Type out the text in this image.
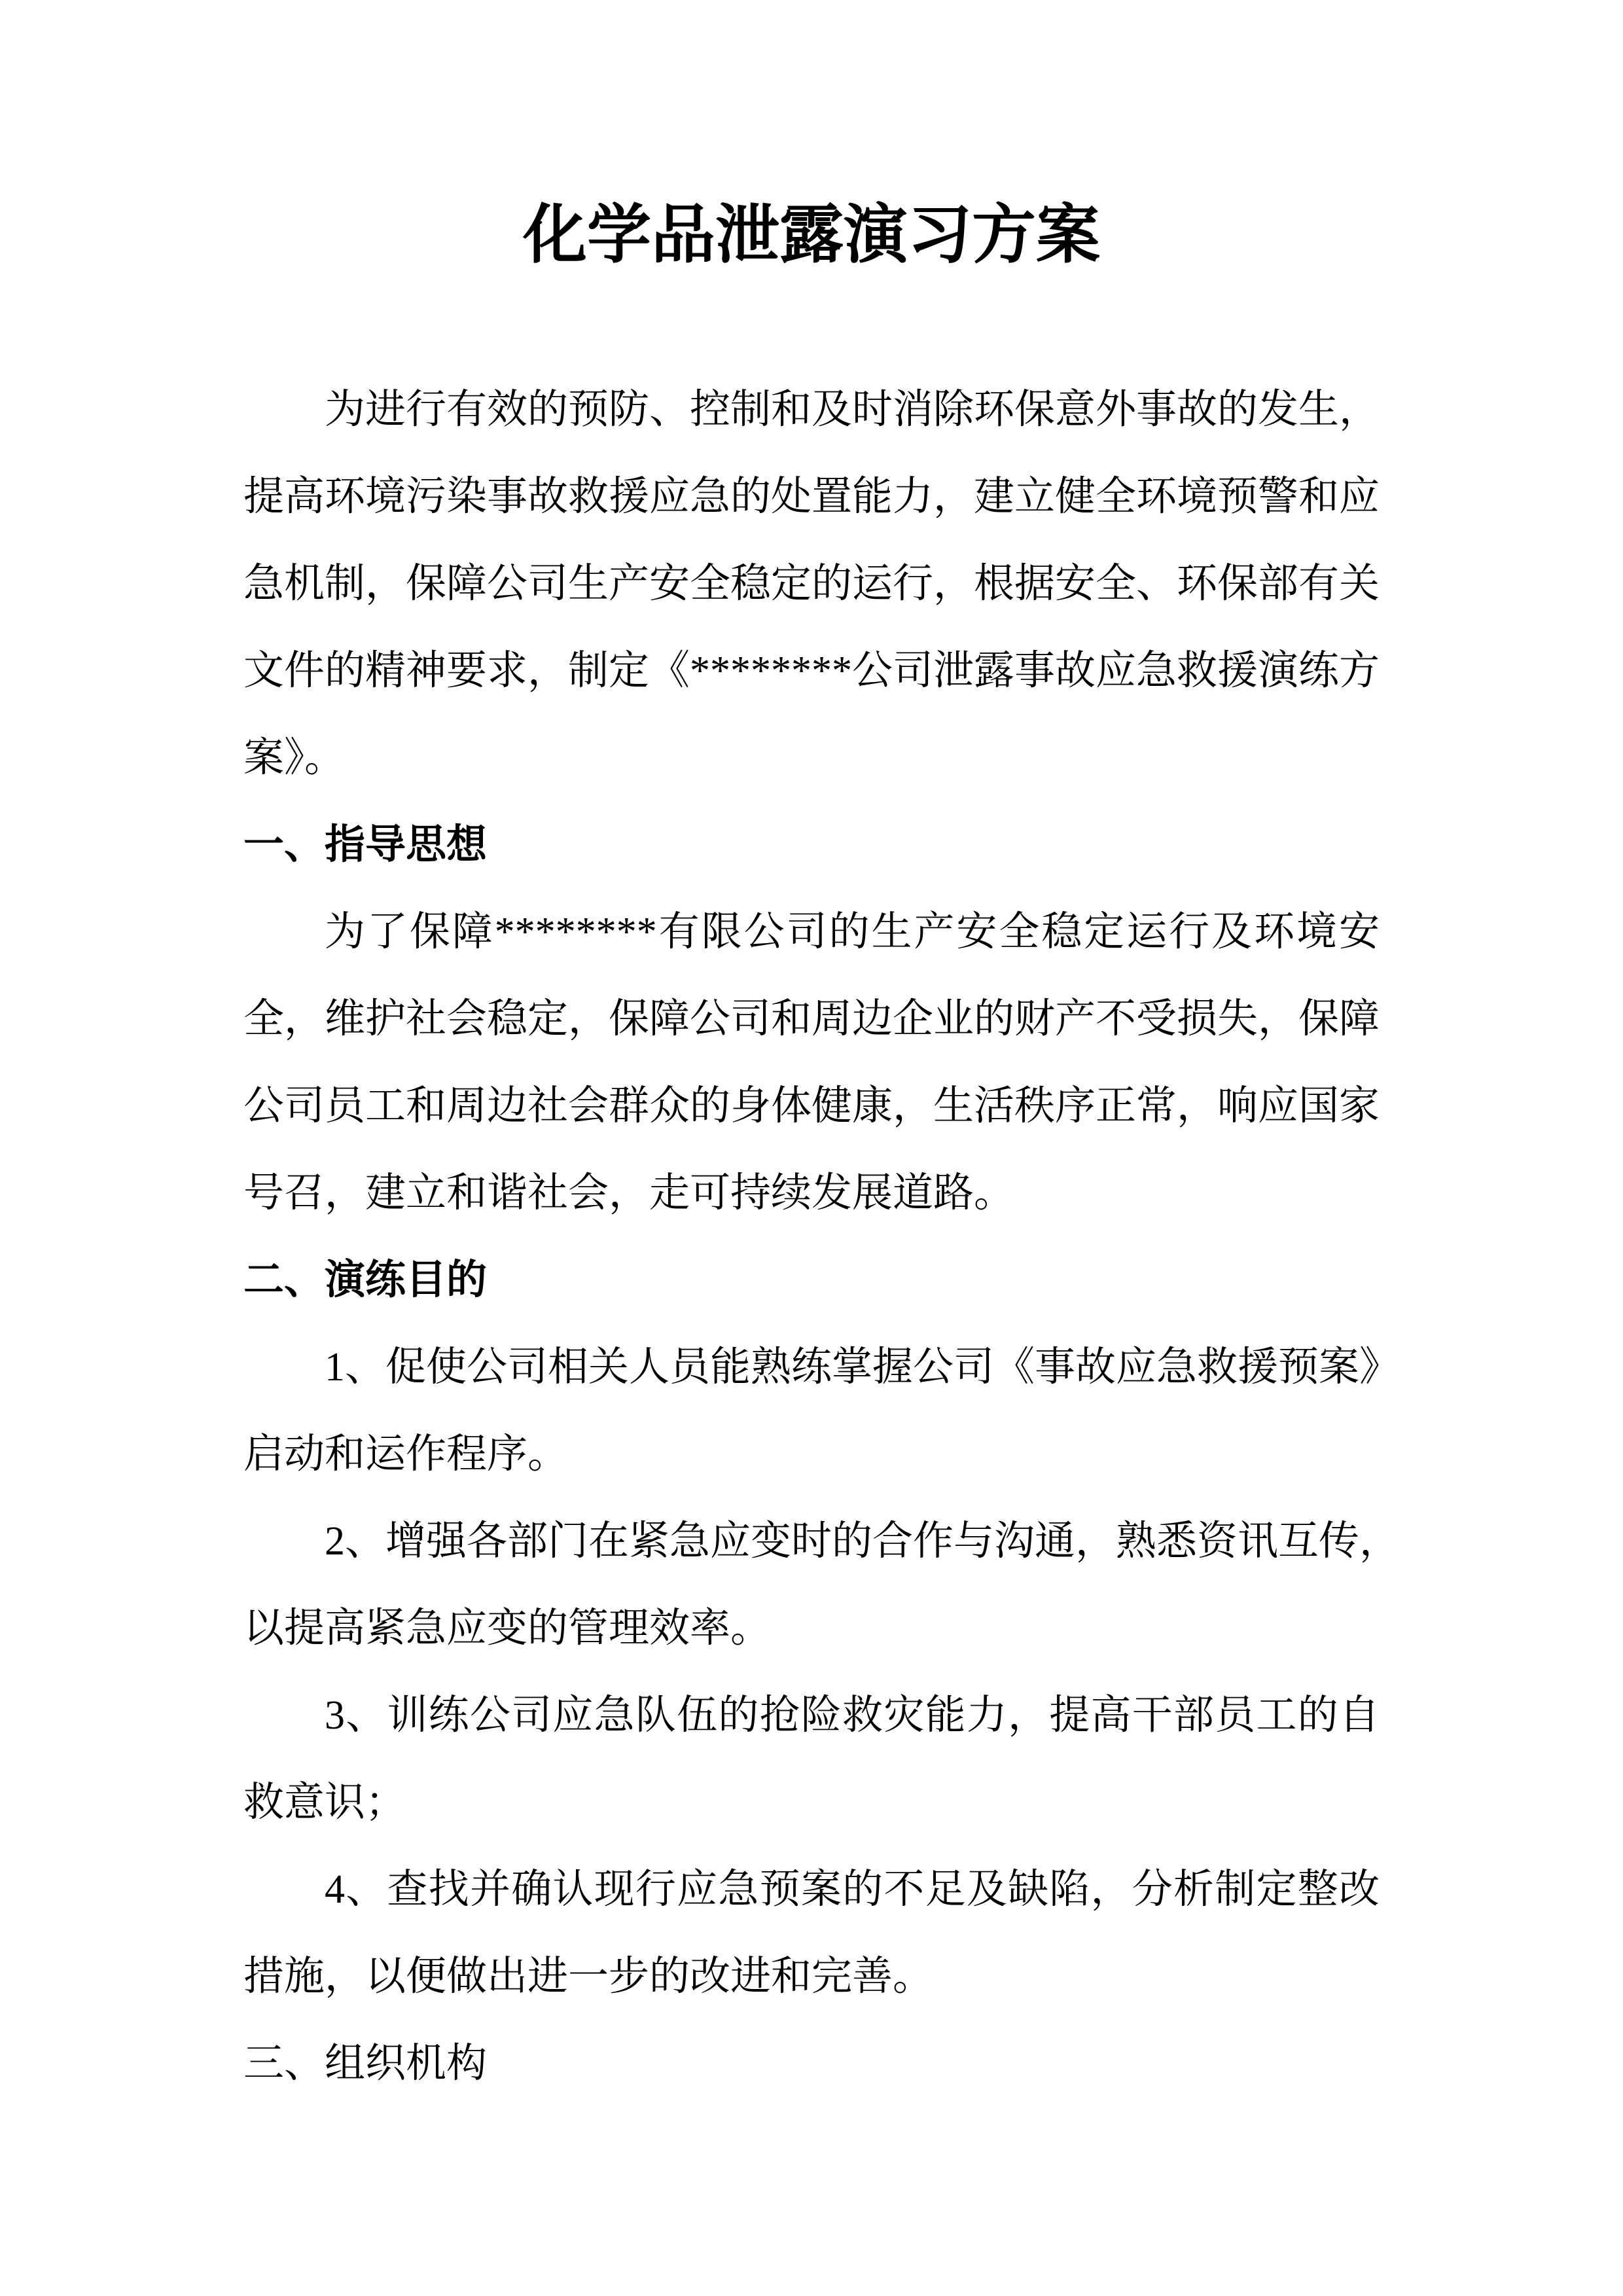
化学品泄露演习方案
为进行有效的预防、控制和及时消除环保意外事故的发生，
提高环境污染事故救援应急的处置能力，建立健全环境预警和应
急机制，保障公司生产安全稳定的运行，根据安全、环保部有关
文件的精神要求，制定《********公司泄露事故应急救援演练方
案》。
一、指导思想
为了保障********有限公司的生产安全稳定运行及环境安
全，维护社会稳定，保障公司和周边企业的财产不受损失，保障
公司员工和周边社会群众的身体健康，生活秩序正常，响应国家
号召，建立和谐社会，走可持续发展道路。
二、演练目的
1、促使公司相关人员能熟练掌握公司《事故应急救援预案》
启动和运作程序。
2、增强各部门在紧急应变时的合作与沟通，熟悉资讯互传，
以提高紧急应变的管理效率。
3、训练公司应急队伍的抢险救灾能力，提高干部员工的自
救意识；
4、查找并确认现行应急预案的不足及缺陷，分析制定整改
措施，以便做出进一步的改进和完善。
三、组织机构
